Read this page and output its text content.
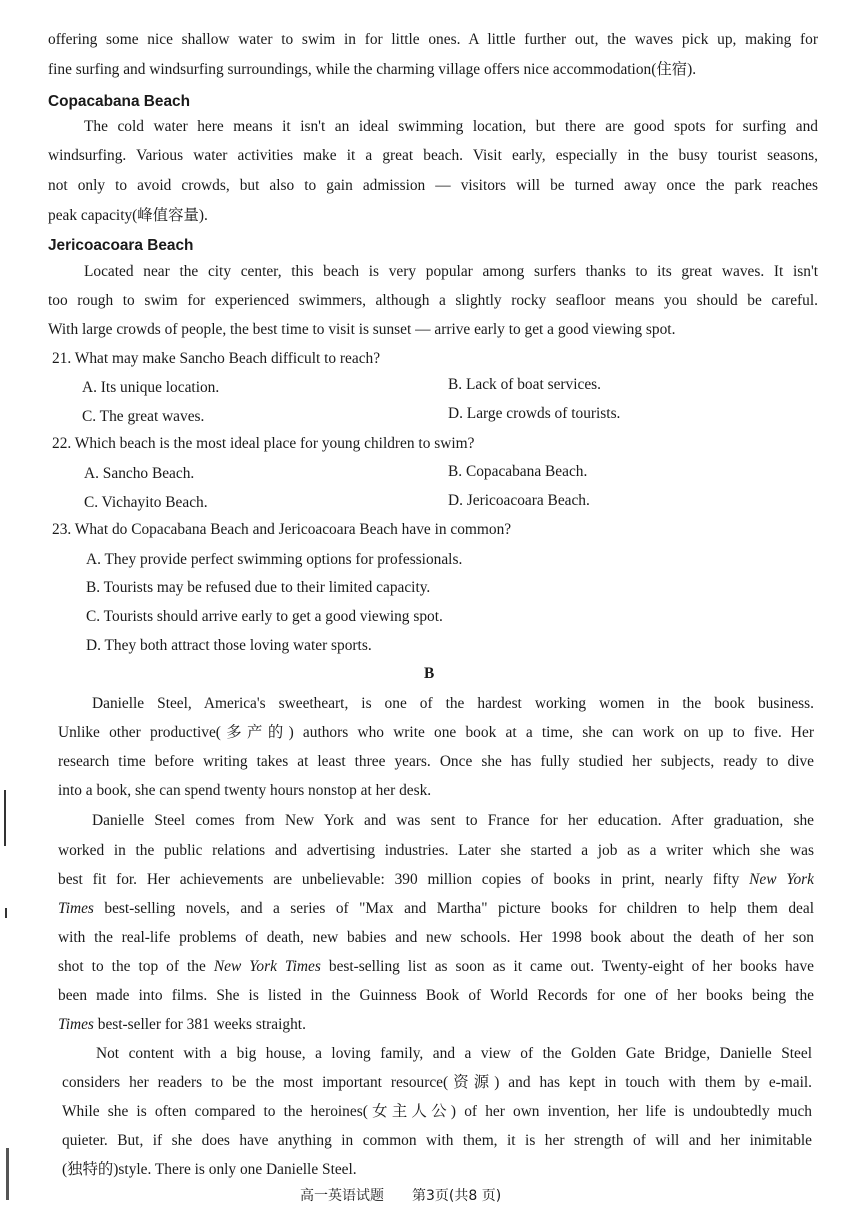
offering some nice shallow water to swim in for little ones. A little further out, the waves pick up, making for
fine surfing and windsurfing surroundings, while the charming village offers nice accommodation(住宿).
Copacabana Beach
The cold water here means it isn't an ideal swimming location, but there are good spots for surfing and
windsurfing. Various water activities make it a great beach. Visit early, especially in the busy tourist seasons,
not only to avoid crowds, but also to gain admission — visitors will be turned away once the park reaches
peak capacity(峰值容量).
Jericoacoara Beach
Located near the city center, this beach is very popular among surfers thanks to its great waves. It isn't
too rough to swim for experienced swimmers, although a slightly rocky seafloor means you should be careful.
With large crowds of people, the best time to visit is sunset — arrive early to get a good viewing spot.
21. What may make Sancho Beach difficult to reach?
A. Its unique location.	B. Lack of boat services.
C. The great waves.	D. Large crowds of tourists.
22. Which beach is the most ideal place for young children to swim?
A. Sancho Beach.	B. Copacabana Beach.
C. Vichayito Beach.	D. Jericoacoara Beach.
23. What do Copacabana Beach and Jericoacoara Beach have in common?
A. They provide perfect swimming options for professionals.
B. Tourists may be refused due to their limited capacity.
C. Tourists should arrive early to get a good viewing spot.
D. They both attract those loving water sports.
B
Danielle Steel, America's sweetheart, is one of the hardest working women in the book business.
Unlike other productive(多产的) authors who write one book at a time, she can work on up to five. Her
research time before writing takes at least three years. Once she has fully studied her subjects, ready to dive
into a book, she can spend twenty hours nonstop at her desk.
Danielle Steel comes from New York and was sent to France for her education. After graduation, she
worked in the public relations and advertising industries. Later she started a job as a writer which she was
best fit for. Her achievements are unbelievable: 390 million copies of books in print, nearly fifty New York
Times best-selling novels, and a series of "Max and Martha" picture books for children to help them deal
with the real-life problems of death, new babies and new schools. Her 1998 book about the death of her son
shot to the top of the New York Times best-selling list as soon as it came out. Twenty-eight of her books have
been made into films. She is listed in the Guinness Book of World Records for one of her books being the
Times best-seller for 381 weeks straight.
Not content with a big house, a loving family, and a view of the Golden Gate Bridge, Danielle Steel
considers her readers to be the most important resource(资源) and has kept in touch with them by e-mail.
While she is often compared to the heroines(女主人公) of her own invention, her life is undoubtedly much
quieter. But, if she does have anything in common with them, it is her strength of will and her inimitable
(独特的)style. There is only one Danielle Steel.
高一英语试题　　第3页(共8 页)
